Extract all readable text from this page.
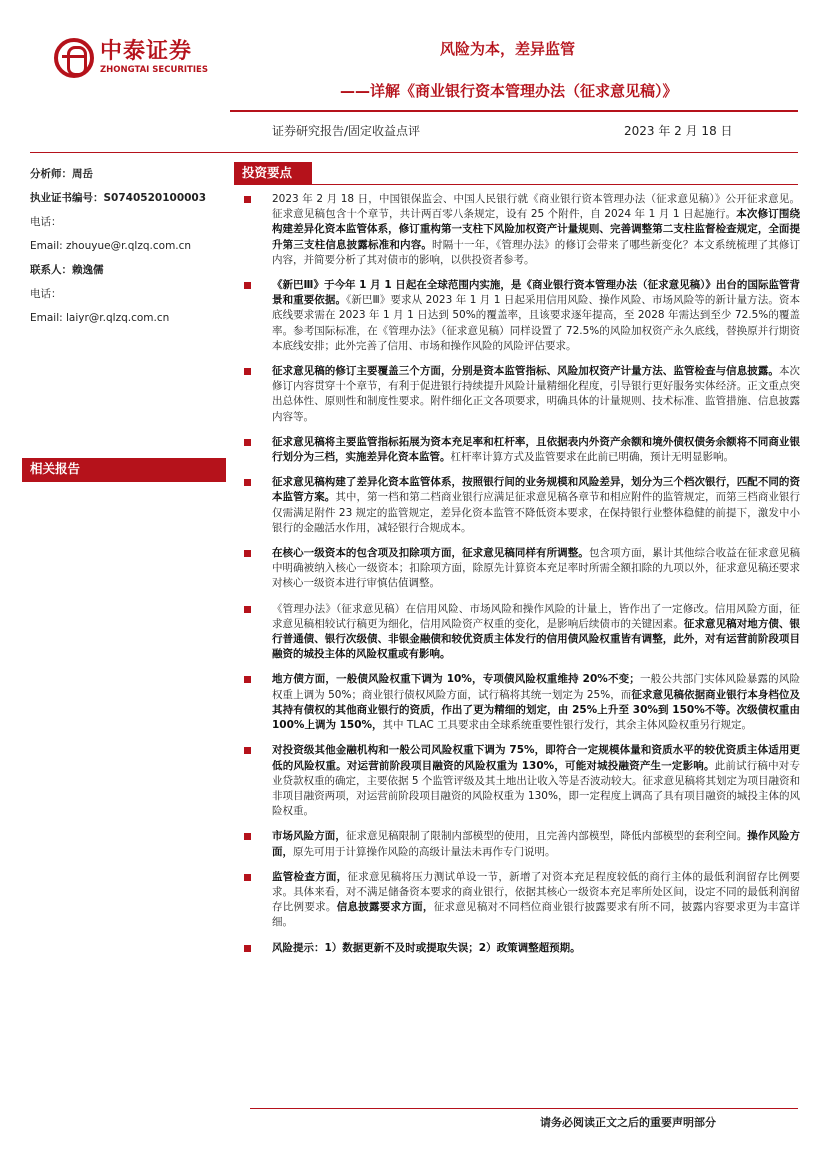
中泰证券
ZHONGTAI SECURITIES
风险为本，差异监管
——详解《商业银行资本管理办法（征求意见稿）》
证券研究报告/固定收益点评	2023 年 2 月 18 日
分析师：周岳
执业证书编号：S0740520100003
电话：
Email: zhouyue@r.qlzq.com.cn
联系人：赖逸儒
电话：
Email: laiyr@r.qlzq.com.cn
相关报告
投资要点
2023 年 2 月 18 日，中国银保监会、中国人民银行就《商业银行资本管理办法（征求意见稿）》公开征求意见。征求意见稿包含十个章节，共计两百零八条规定，设有 25 个附件，自 2024 年 1 月 1 日起施行。本次修订围绕构建差异化资本监管体系，修订重构第一支柱下风险加权资产计量规则、完善调整第二支柱监督检查规定，全面提升第三支柱信息披露标准和内容。时隔十一年，《管理办法》的修订会带来了哪些新变化？本文系统梳理了其修订内容，并简要分析了其对债市的影响，以供投资者参考。
《新巴Ⅲ》于今年 1 月 1 日起在全球范围内实施，是《商业银行资本管理办法（征求意见稿）》出台的国际监管背景和重要依据。《新巴Ⅲ》要求从 2023 年 1 月 1 日起采用信用风险、操作风险、市场风险等的新计量方法。资本底线要求需在 2023 年 1 月 1 日达到 50%的覆盖率，且该要求逐年提高，至 2028 年需达到至少 72.5%的覆盖率。参考国际标准，在《管理办法》（征求意见稿）同样设置了 72.5%的风险加权资产永久底线，替换原并行期资本底线安排；此外完善了信用、市场和操作风险的风险评估要求。
征求意见稿的修订主要覆盖三个方面，分别是资本监管指标、风险加权资产计量方法、监管检查与信息披露。本次修订内容贯穿十个章节，有利于促进银行持续提升风险计量精细化程度，引导银行更好服务实体经济。正文重点突出总体性、原则性和制度性要求。附件细化正文各项要求，明确具体的计量规则、技术标准、监管措施、信息披露内容等。
征求意见稿将主要监管指标拓展为资本充足率和杠杆率，且依据表内外资产余额和境外债权债务余额将不同商业银行划分为三档，实施差异化资本监管。杠杆率计算方式及监管要求在此前已明确，预计无明显影响。
征求意见稿构建了差异化资本监管体系，按照银行间的业务规模和风险差异，划分为三个档次银行，匹配不同的资本监管方案。其中，第一档和第二档商业银行应满足征求意见稿各章节和相应附件的监管规定，而第三档商业银行仅需满足附件 23 规定的监管规定，差异化资本监管不降低资本要求，在保持银行业整体稳健的前提下，激发中小银行的金融活水作用，减轻银行合规成本。
在核心一级资本的包含项及扣除项方面，征求意见稿同样有所调整。包含项方面，累计其他综合收益在征求意见稿中明确被纳入核心一级资本；扣除项方面，除原先计算资本充足率时所需全额扣除的九项以外，征求意见稿还要求对核心一级资本进行审慎估值调整。
《管理办法》（征求意见稿）在信用风险、市场风险和操作风险的计量上，皆作出了一定修改。信用风险方面，征求意见稿相较试行稿更为细化，信用风险资产权重的变化，是影响后续债市的关键因素。征求意见稿对地方债、银行普通债、银行次级债、非银金融债和较优资质主体发行的信用债风险权重皆有调整，此外，对有运营前阶段项目融资的城投主体的风险权重或有影响。
地方债方面，一般债风险权重下调为 10%，专项债风险权重维持 20%不变；一般公共部门实体风险暴露的风险权重上调为 50%；商业银行债权风险方面，试行稿将其统一划定为 25%，而征求意见稿依据商业银行本身档位及其持有债权的其他商业银行的资质，作出了更为精细的划定，由 25%上升至 30%到 150%不等。次级债权重由 100%上调为 150%，其中 TLAC 工具要求由全球系统重要性银行发行，其余主体风险权重另行规定。
对投资级其他金融机构和一般公司风险权重下调为 75%，即符合一定规模体量和资质水平的较优资质主体适用更低的风险权重。对运营前阶段项目融资的风险权重为 130%，可能对城投融资产生一定影响。此前试行稿中对专业贷款权重的确定，主要依据 5 个监管评级及其土地出让收入等是否波动较大。征求意见稿将其划定为项目融资和非项目融资两项，对运营前阶段项目融资的风险权重为 130%，即一定程度上调高了具有项目融资的城投主体的风险权重。
市场风险方面，征求意见稿限制了限制内部模型的使用，且完善内部模型，降低内部模型的套利空间。操作风险方面，原先可用于计算操作风险的高级计量法未再作专门说明。
监管检查方面，征求意见稿将压力测试单设一节，新增了对资本充足程度较低的商行主体的最低利润留存比例要求。具体来看，对不满足储备资本要求的商业银行，依据其核心一级资本充足率所处区间，设定不同的最低利润留存比例要求。信息披露要求方面，征求意见稿对不同档位商业银行披露要求有所不同，披露内容要求更为丰富详细。
风险提示：1）数据更新不及时或提取失误；2）政策调整超预期。
请务必阅读正文之后的重要声明部分
